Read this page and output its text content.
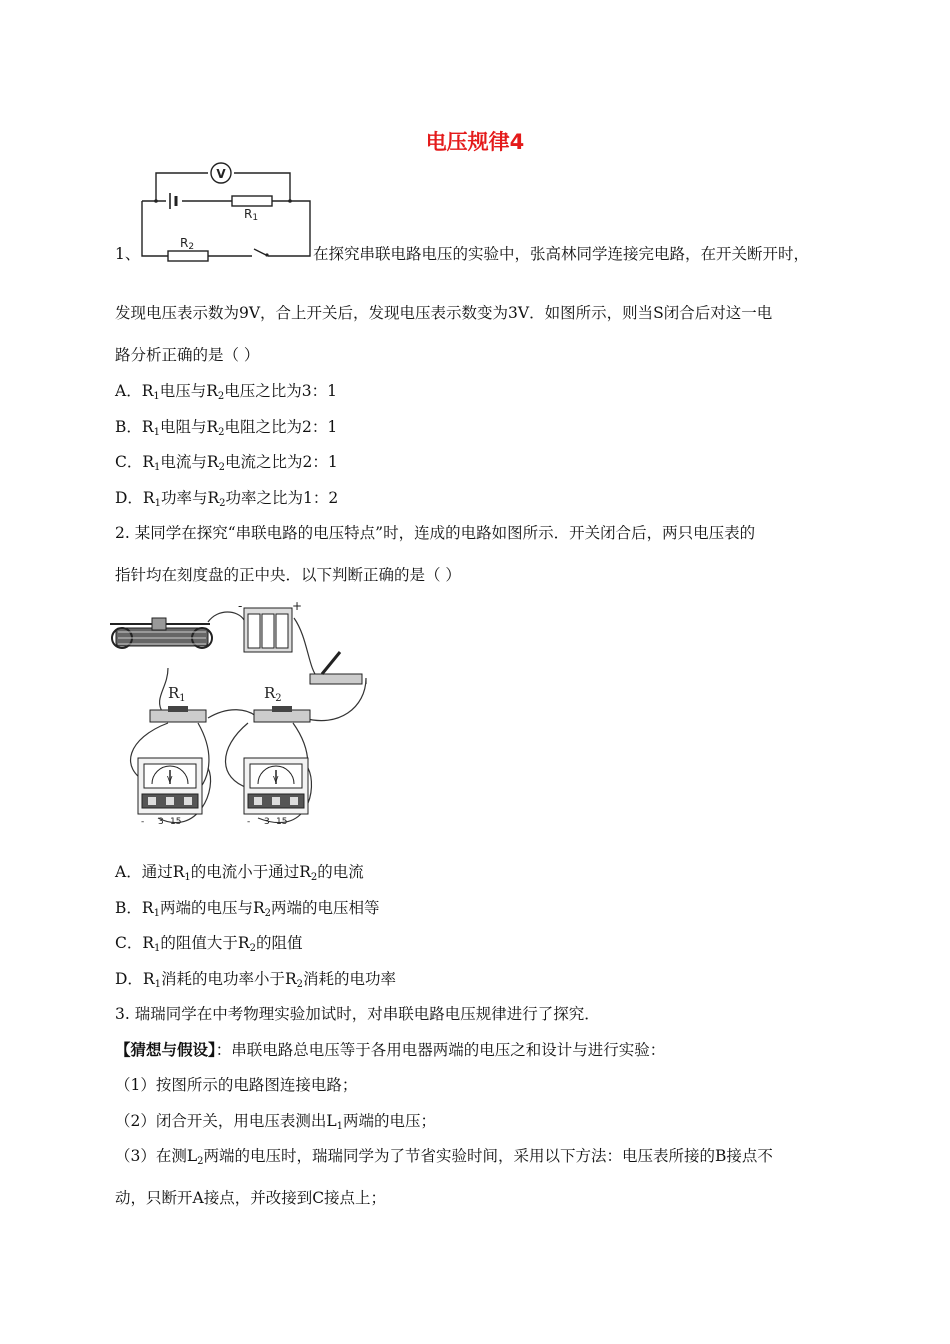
电压规律4
1、
V
R1
R2	在探究串联电路电压的实验中，张高林同学连接完电路，在开关断开时，
发现电压表示数为9V，合上开关后，发现电压表示数变为3V．如图所示，则当S闭合后对这一电
路分析正确的是（ ）
A．$R_1$电压与$R_2$电压之比为3：1
B．$R_1$电阻与$R_2$电阻之比为2：1
C．$R_1$电流与$R_2$电流之比为2：1
D．$R_1$功率与$R_2$功率之比为1：2
2. 某同学在探究“串联电路的电压特点”时，连成的电路如图所示．开关闭合后，两只电压表的
指针均在刻度盘的正中央．以下判断正确的是（ ）
-	+
$R_1$	$R_2$
V
- 3 15
V
- 3 15
A．通过$R_1$的电流小于通过$R_2$的电流
B．$R_1$两端的电压与$R_2$两端的电压相等
C．$R_1$的阻值大于$R_2$的阻值
D．$R_1$消耗的电功率小于$R_2$消耗的电功率
3. 瑞瑞同学在中考物理实验加试时，对串联电路电压规律进行了探究．
【猜想与假设】：串联电路总电压等于各用电器两端的电压之和设计与进行实验：
（1）按图所示的电路图连接电路；
（2）闭合开关，用电压表测出$L_1$两端的电压；
（3）在测$L_2$两端的电压时，瑞瑞同学为了节省实验时间，采用以下方法：电压表所接的B接点不
动，只断开A接点，并改接到C接点上；
